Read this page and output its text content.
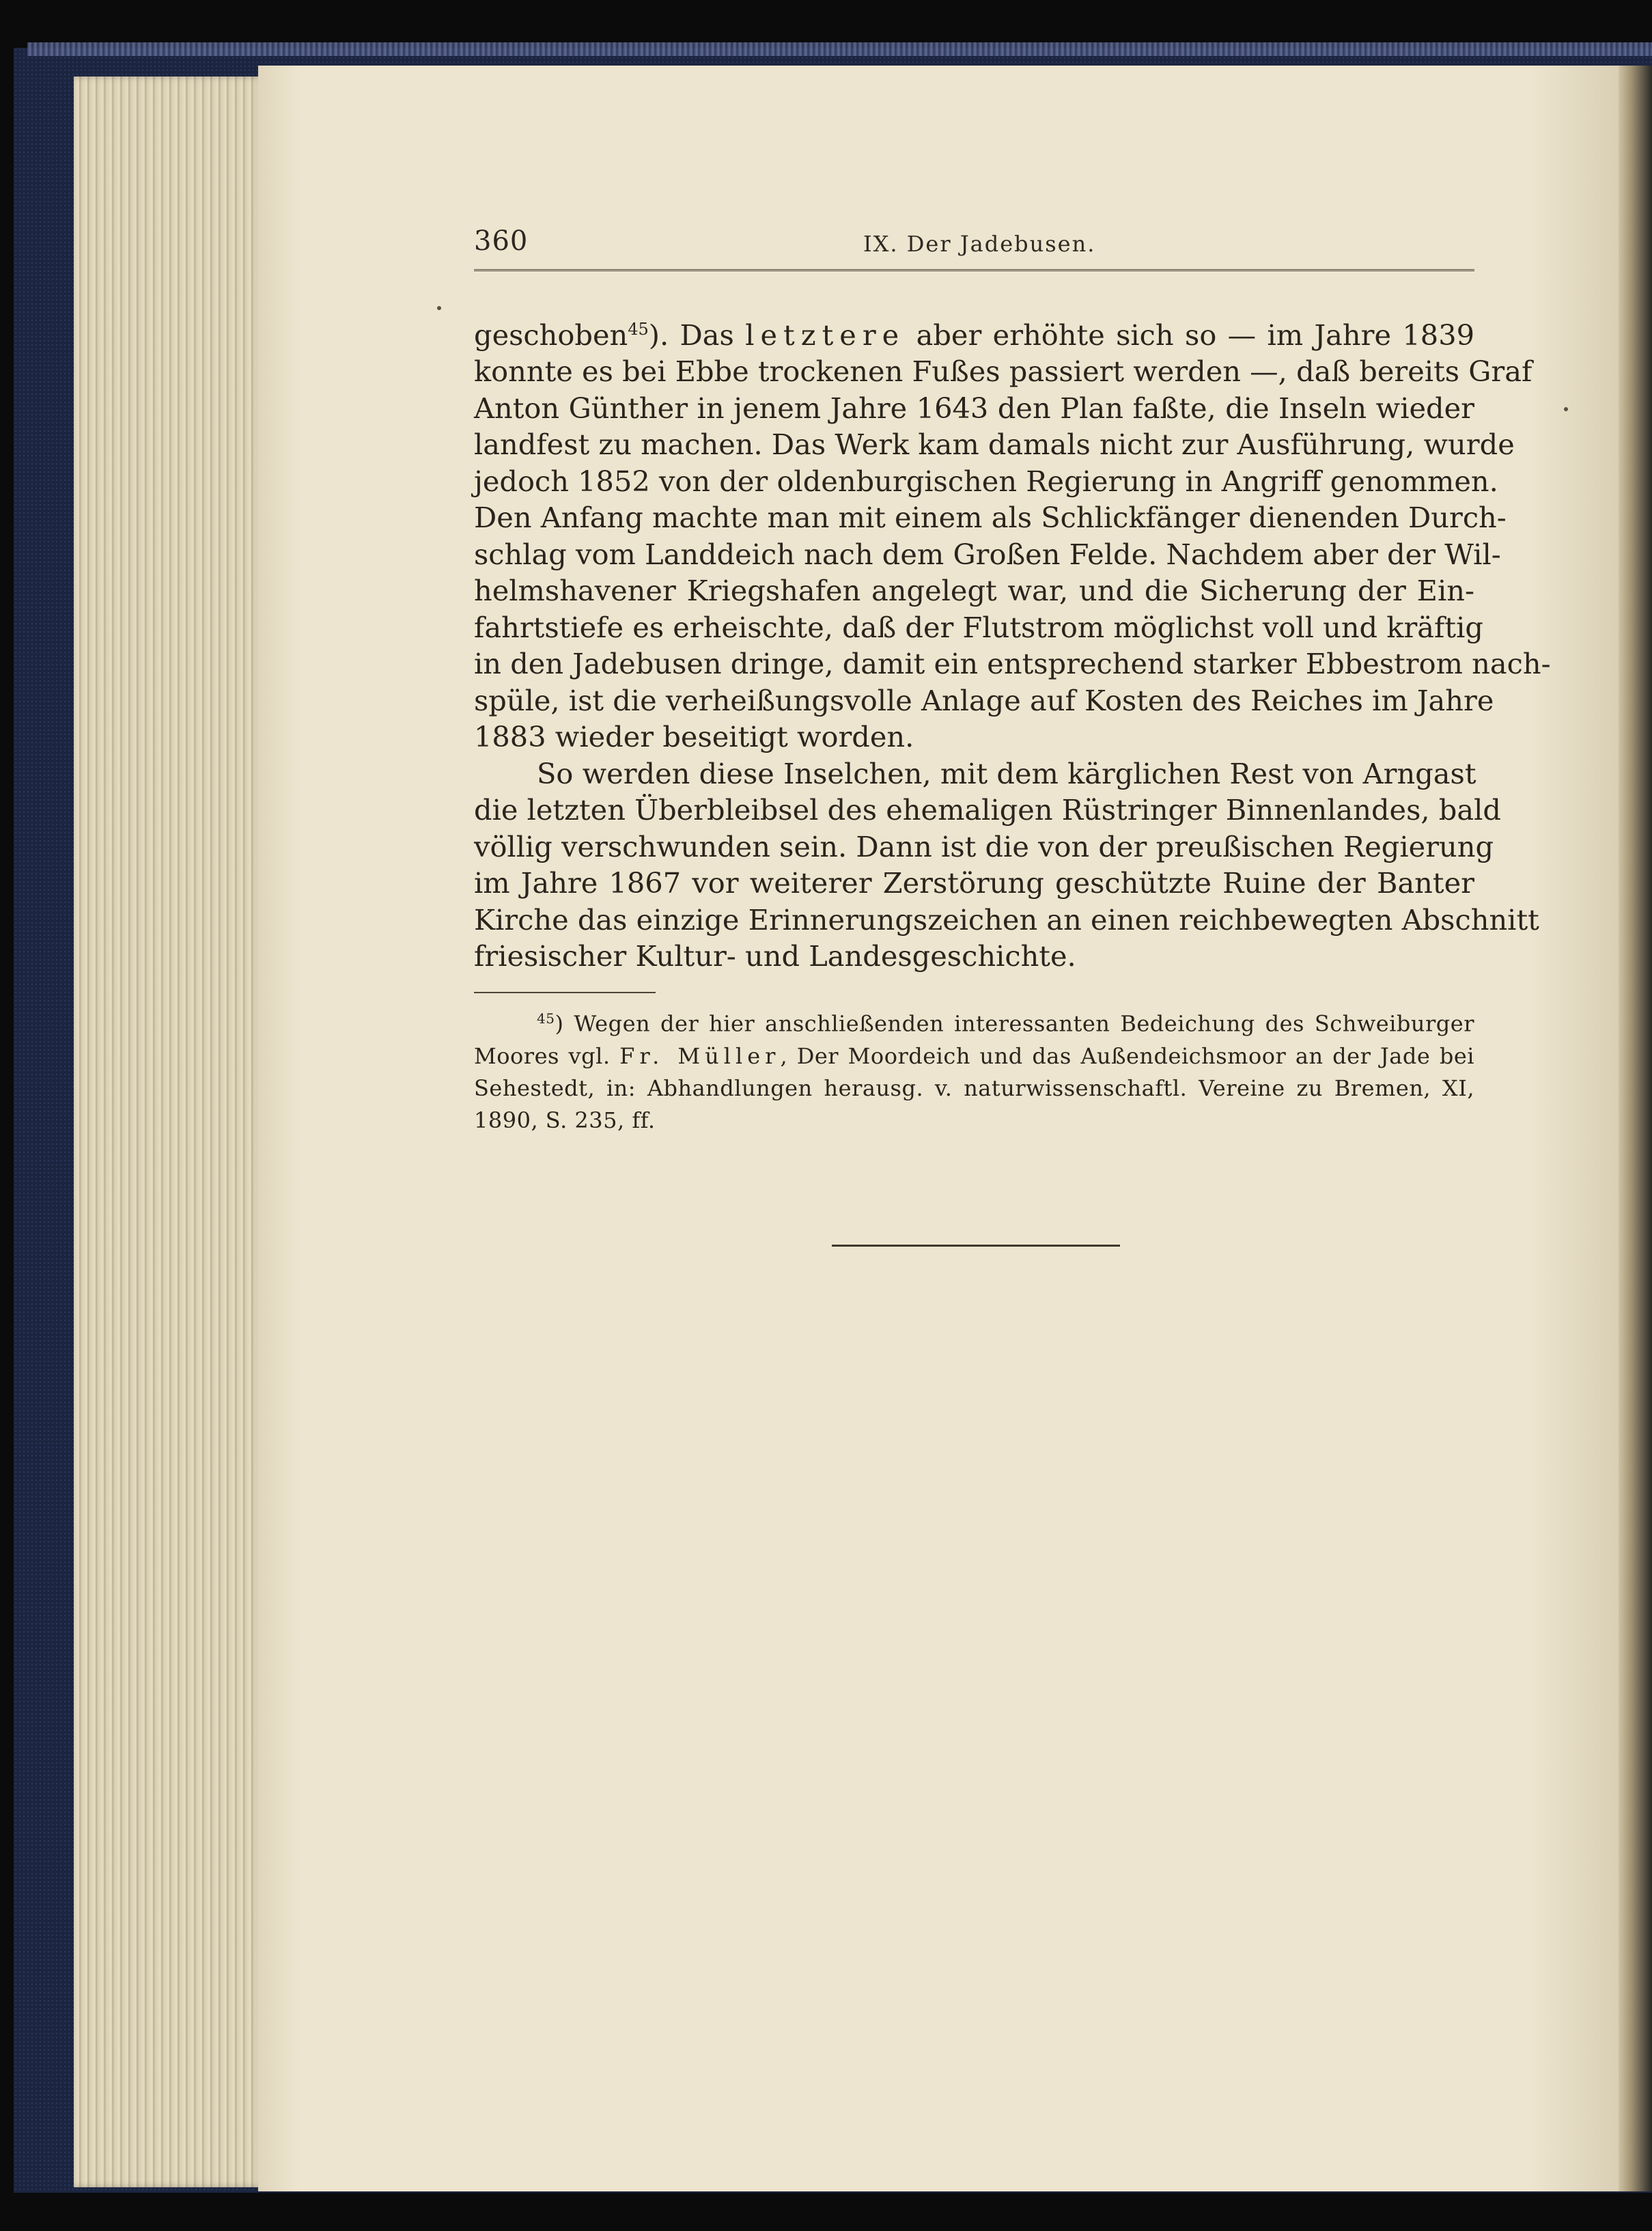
360	IX. Der Jadebusen.

geschoben$^{45}$). Das letztere aber erhöhte sich so — im Jahre 1839
konnte es bei Ebbe trockenen Fußes passiert werden —, daß bereits Graf
Anton Günther in jenem Jahre 1643 den Plan faßte, die Inseln wieder
landfest zu machen. Das Werk kam damals nicht zur Ausführung, wurde
jedoch 1852 von der oldenburgischen Regierung in Angriff genommen.
Den Anfang machte man mit einem als Schlickfänger dienenden Durch-
schlag vom Landdeich nach dem Großen Felde. Nachdem aber der Wil-
helmshavener Kriegshafen angelegt war, und die Sicherung der Ein-
fahrtstiefe es erheischte, daß der Flutstrom möglichst voll und kräftig
in den Jadebusen dringe, damit ein entsprechend starker Ebbestrom nach-
spüle, ist die verheißungsvolle Anlage auf Kosten des Reiches im Jahre
1883 wieder beseitigt worden.

So werden diese Inselchen, mit dem kärglichen Rest von Arngast
die letzten Überbleibsel des ehemaligen Rüstringer Binnenlandes, bald
völlig verschwunden sein. Dann ist die von der preußischen Regierung
im Jahre 1867 vor weiterer Zerstörung geschützte Ruine der Banter
Kirche das einzige Erinnerungszeichen an einen reichbewegten Abschnitt
friesischer Kultur- und Landesgeschichte.

$^{45}$) Wegen der hier anschließenden interessanten Bedeichung des Schweiburger
Moores vgl. Fr. Müller, Der Moordeich und das Außendeichsmoor an der Jade bei
Sehestedt, in: Abhandlungen herausg. v. naturwissenschaftl. Vereine zu Bremen, XI,
1890, S. 235, ff.
